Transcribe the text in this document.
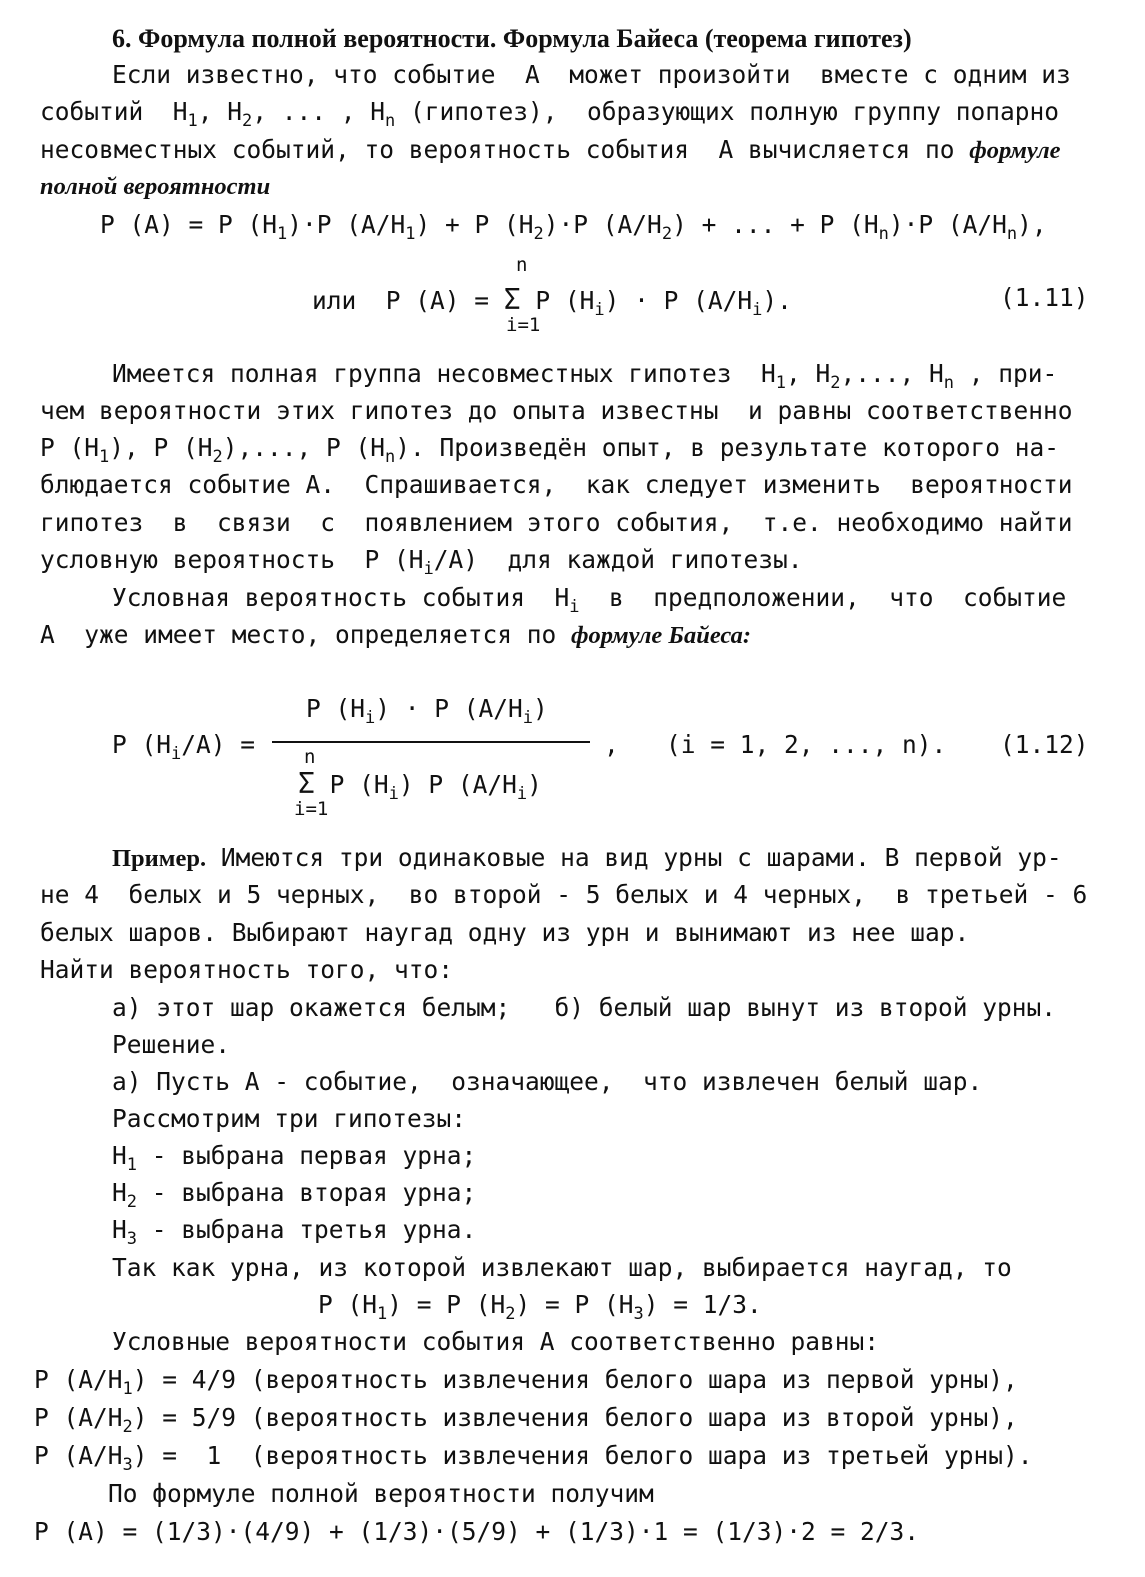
6. Формула полной вероятности. Формула Байеса (теорема гипотез)
Если известно, что событие  А  может произойти  вместе с одним из
событий  $H_1$, $H_2$, ... , $H_n$ (гипотез),  образующих полную группу попарно
несовместных событий, то вероятность события  А вычисляется по формуле
полной вероятности
P (A) = P $(H_1)\cdot P$ $(A/H_1) + P$ $(H_2)\cdot P$ $(A/H_2)$ + ... + P $(H_n)\cdot P$ $(A/H_n)$,
n
или  P (A) = Σ P $(H_i) \cdot P$ $(A/H_i)$.
i=1
(1.11)
Имеется полная группа несовместных гипотез  $H_1$, $H_2$,..., $H_n$ , при-
чем вероятности этих гипотез до опыта известны  и равны соответственно
P $(H_1)$, P $(H_2)$,..., P $(H_n)$. Произведён опыт, в результате которого на-
блюдается событие А.  Спрашивается,  как следует изменить  вероятности
гипотез  в  связи  с  появлением этого события,  т.е. необходимо найти
условную вероятность  P $(H_i/A)$  для каждой гипотезы.
Условная вероятность события  $H_i$  в  предположении,  что  событие
А  уже имеет место, определяется по формуле Байеса:
P $(H_i) \cdot P$ $(A/H_i)$
P $(H_i/A)$ =	, (i = 1, 2, ..., n). (1.12)
n
Σ P $(H_i)$ P $(A/H_i)$
i=1
Пример. Имеются три одинаковые на вид урны с шарами. В первой ур-
не 4  белых и 5 черных,  во второй - 5 белых и 4 черных,  в третьей - 6
белых шаров. Выбирают наугад одну из урн и вынимают из нее шар.
Найти вероятность того, что:
а) этот шар окажется белым;   б) белый шар вынут из второй урны.
Решение.
а) Пусть А - событие,  означающее,  что извлечен белый шар.
Рассмотрим три гипотезы:
$H_1$ - выбрана первая урна;
$H_2$ - выбрана вторая урна;
$H_3$ - выбрана третья урна.
Так как урна, из которой извлекают шар, выбирается наугад, то
P $(H_1) = P$ $(H_2) = P$ $(H_3) = 1/3$.
Условные вероятности события А соответственно равны:
P $(A/H_1) = 4/9$ (вероятность извлечения белого шара из первой урны),
P $(A/H_2) = 5/9$ (вероятность извлечения белого шара из второй урны),
P $(A/H_3) = 1$  (вероятность извлечения белого шара из третьей урны).
По формуле полной вероятности получим
P (A) = (1/3)·(4/9) + (1/3)·(5/9) + (1/3)·1 = (1/3)·2 = 2/3.
